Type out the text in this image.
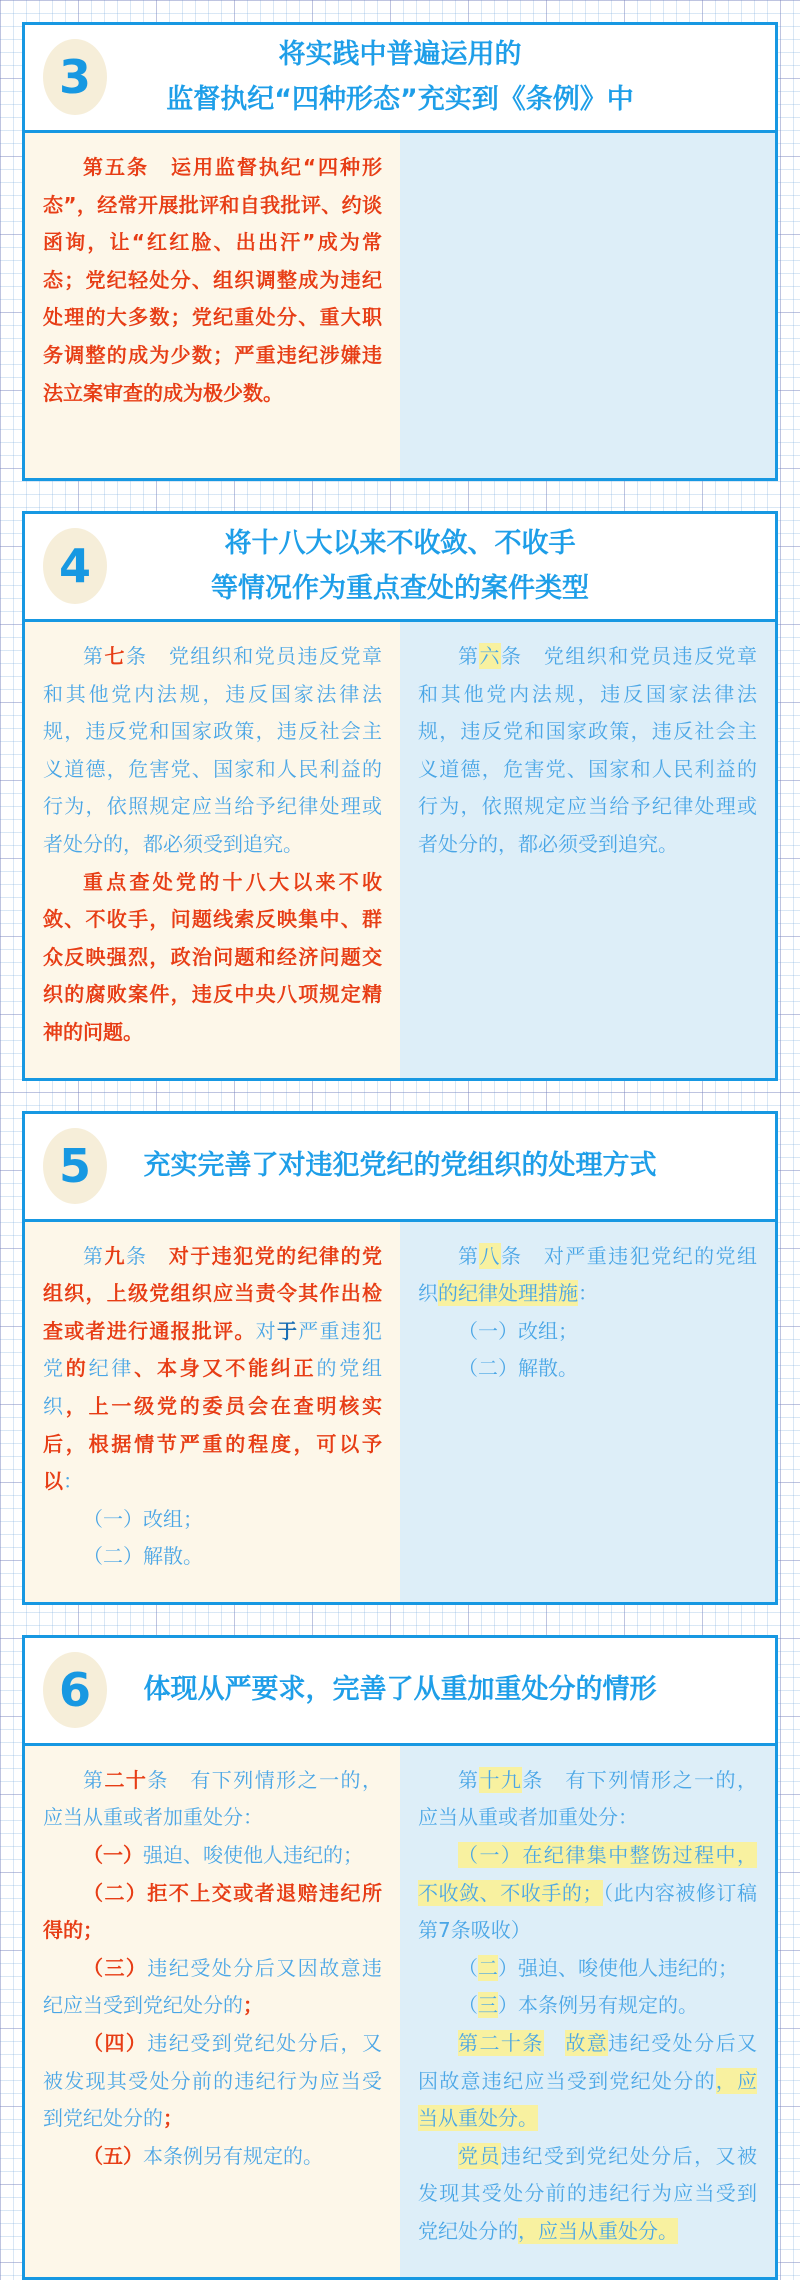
3	将实践中普遍运用的
监督执纪“四种形态”充实到《条例》中

第五条　运用监督执纪“四种形态”，经常开展批评和自我批评、约谈函询，让“红红脸、出出汗”成为常态；党纪轻处分、组织调整成为违纪处理的大多数；党纪重处分、重大职务调整的成为少数；严重违纪涉嫌违法立案审查的成为极少数。

4	将十八大以来不收敛、不收手
等情况作为重点查处的案件类型

第七条　党组织和党员违反党章和其他党内法规，违反国家法律法规，违反党和国家政策，违反社会主义道德，危害党、国家和人民利益的行为，依照规定应当给予纪律处理或者处分的，都必须受到追究。

重点查处党的十八大以来不收敛、不收手，问题线索反映集中、群众反映强烈，政治问题和经济问题交织的腐败案件，违反中央八项规定精神的问题。

第六条　党组织和党员违反党章和其他党内法规，违反国家法律法规，违反党和国家政策，违反社会主义道德，危害党、国家和人民利益的行为，依照规定应当给予纪律处理或者处分的，都必须受到追究。

5	充实完善了对违犯党纪的党组织的处理方式

第九条　对于违犯党的纪律的党组织，上级党组织应当责令其作出检查或者进行通报批评。对于严重违犯党的纪律、本身又不能纠正的党组织，上一级党的委员会在查明核实后，根据情节严重的程度，可以予以：

（一）改组；

（二）解散。

第八条　对严重违犯党纪的党组织的纪律处理措施：

（一）改组；

（二）解散。

6	体现从严要求，完善了从重加重处分的情形

第二十条　有下列情形之一的，应当从重或者加重处分：

（一）强迫、唆使他人违纪的；

（二）拒不上交或者退赔违纪所得的；

（三）违纪受处分后又因故意违纪应当受到党纪处分的；

（四）违纪受到党纪处分后，又被发现其受处分前的违纪行为应当受到党纪处分的；

（五）本条例另有规定的。

第十九条　有下列情形之一的，应当从重或者加重处分：

（一）在纪律集中整饬过程中，不收敛、不收手的；（此内容被修订稿第7条吸收）

（二）强迫、唆使他人违纪的；

（三）本条例另有规定的。

第二十条　 故意违纪受处分后又因故意违纪应当受到党纪处分的，应当从重处分。

党员违纪受到党纪处分后，又被发现其受处分前的违纪行为应当受到党纪处分的，应当从重处分。
